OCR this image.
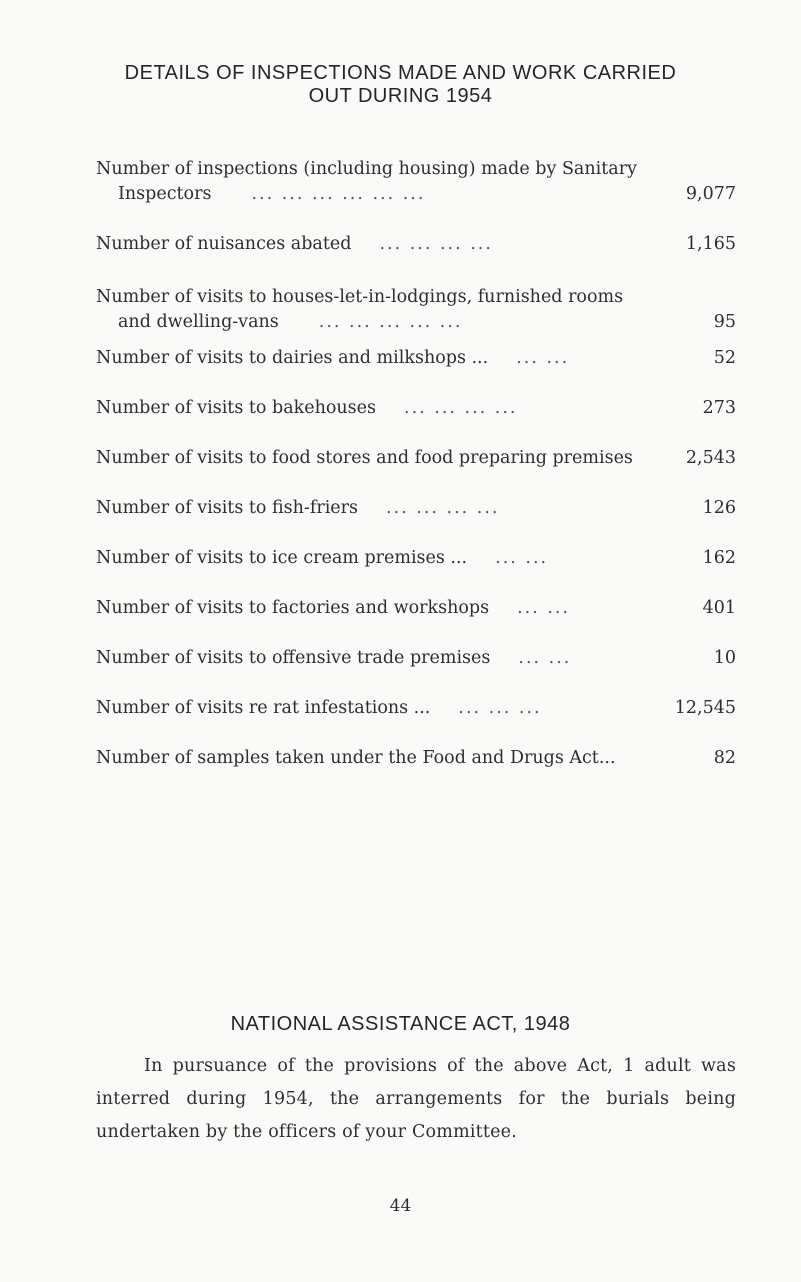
DETAILS OF INSPECTIONS MADE AND WORK CARRIED
OUT DURING 1954
Number of inspections (including housing) made by Sanitary
Inspectors ... ... ... ... ... ...	9,077
Number of nuisances abated ... ... ... ...	1,165
Number of visits to houses-let-in-lodgings, furnished rooms
and dwelling-vans ... ... ... ... ...	95
Number of visits to dairies and milkshops ... ... ...	52
Number of visits to bakehouses ... ... ... ...	273
Number of visits to food stores and food preparing premises	2,543
Number of visits to fish-friers ... ... ... ...	126
Number of visits to ice cream premises ... ... ...	162
Number of visits to factories and workshops ... ...	401
Number of visits to offensive trade premises ... ...	10
Number of visits re rat infestations ... ... ... ...	12,545
Number of samples taken under the Food and Drugs Act...	82
NATIONAL ASSISTANCE ACT, 1948
In pursuance of the provisions of the above Act, 1 adult was interred during 1954, the arrangements for the burials being undertaken by the officers of your Committee.
44
